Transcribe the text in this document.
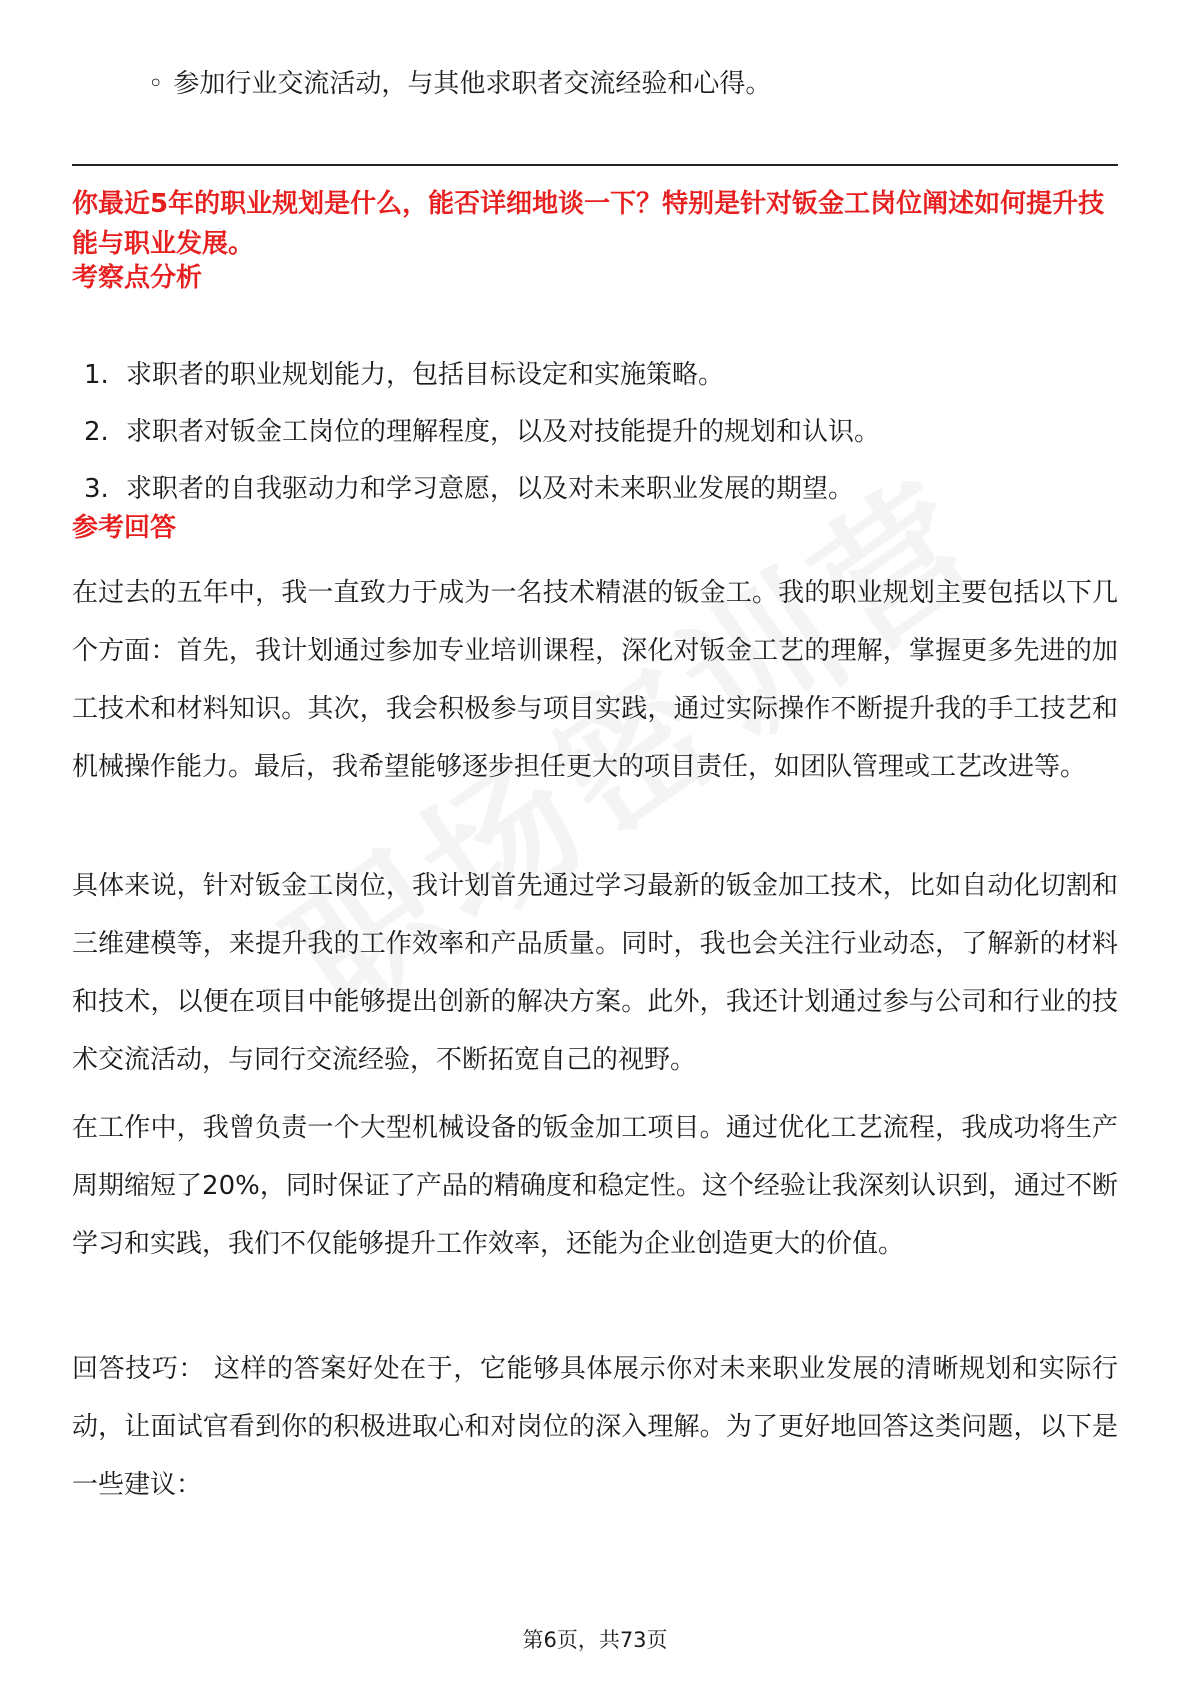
◦ 参加行业交流活动，与其他求职者交流经验和心得。
你最近5年的职业规划是什么，能否详细地谈一下？特别是针对钣金工岗位阐述如何提升技能与职业发展。
考察点分析
1. 求职者的职业规划能力，包括目标设定和实施策略。
2. 求职者对钣金工岗位的理解程度，以及对技能提升的规划和认识。
3. 求职者的自我驱动力和学习意愿，以及对未来职业发展的期望。
参考回答

在过去的五年中，我一直致力于成为一名技术精湛的钣金工。我的职业规划主要包括以下几个方面：首先，我计划通过参加专业培训课程，深化对钣金工艺的理解，掌握更多先进的加工技术和材料知识。其次，我会积极参与项目实践，通过实际操作不断提升我的手工技艺和机械操作能力。最后，我希望能够逐步担任更大的项目责任，如团队管理或工艺改进等。

具体来说，针对钣金工岗位，我计划首先通过学习最新的钣金加工技术，比如自动化切割和三维建模等，来提升我的工作效率和产品质量。同时，我也会关注行业动态，了解新的材料和技术，以便在项目中能够提出创新的解决方案。此外，我还计划通过参与公司和行业的技术交流活动，与同行交流经验，不断拓宽自己的视野。

在工作中，我曾负责一个大型机械设备的钣金加工项目。通过优化工艺流程，我成功将生产周期缩短了20%，同时保证了产品的精确度和稳定性。这个经验让我深刻认识到，通过不断学习和实践，我们不仅能够提升工作效率，还能为企业创造更大的价值。

回答技巧： 这样的答案好处在于，它能够具体展示你对未来职业发展的清晰规划和实际行动，让面试官看到你的积极进取心和对岗位的深入理解。为了更好地回答这类问题，以下是一些建议：

第6页，共73页
